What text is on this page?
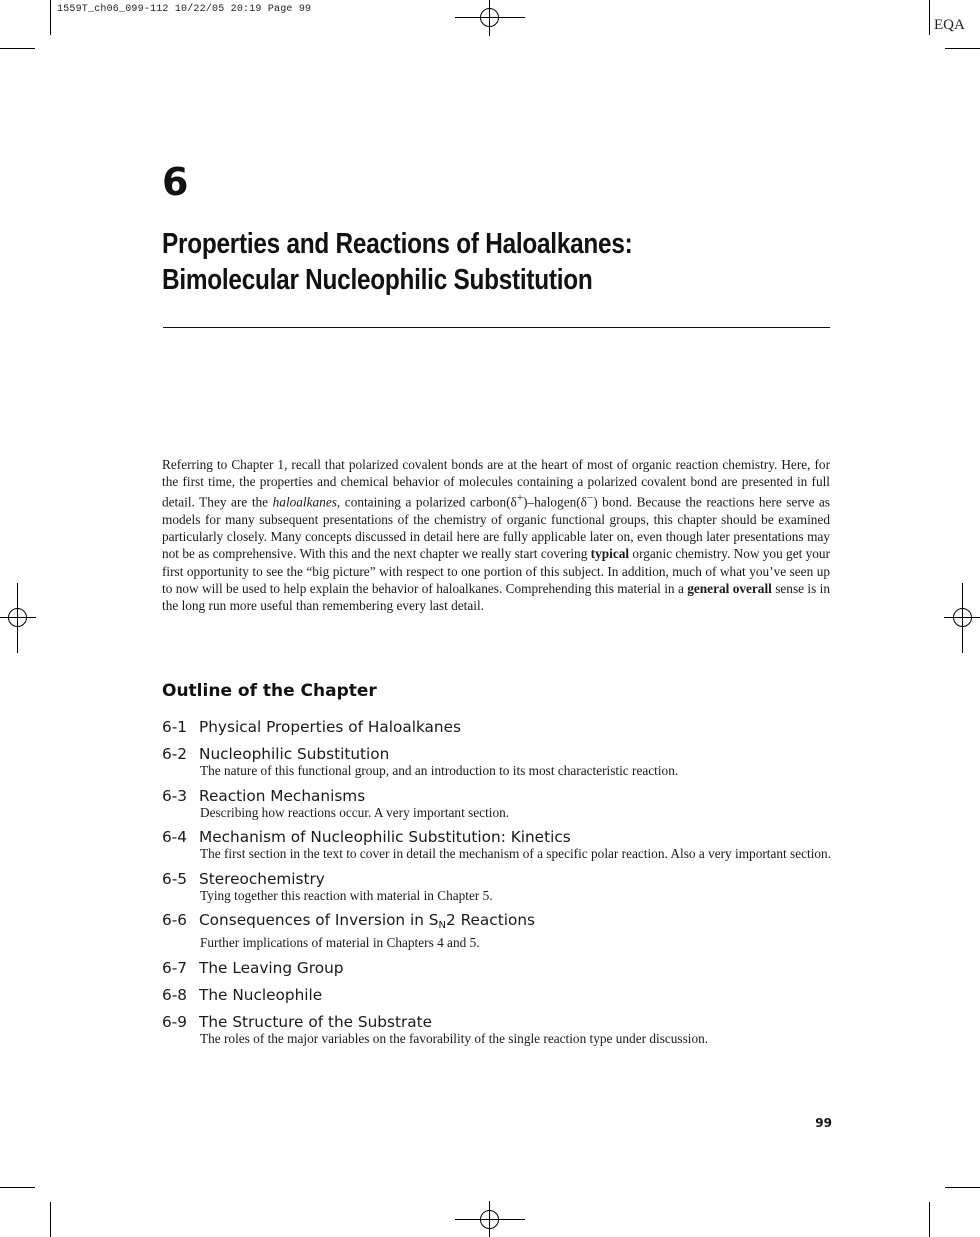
1559T_ch06_099-112 10/22/05 20:19 Page 99
EQA
6
Properties and Reactions of Haloalkanes:
Bimolecular Nucleophilic Substitution

Referring to Chapter 1, recall that polarized covalent bonds are at the heart of most of organic reaction chemistry. Here, for the first time, the properties and chemical behavior of molecules containing a polarized covalent bond are presented in full detail. They are the haloalkanes, containing a polarized carbon(δ+)–halogen(δ−) bond. Because the reactions here serve as models for many subsequent presentations of the chemistry of organic functional groups, this chapter should be examined particularly closely. Many concepts discussed in detail here are fully applicable later on, even though later presentations may not be as comprehensive. With this and the next chapter we really start covering typical organic chemistry. Now you get your first opportunity to see the “big picture” with respect to one portion of this subject. In addition, much of what you’ve seen up to now will be used to help explain the behavior of haloalkanes. Comprehending this material in a general overall sense is in the long run more useful than remembering every last detail.

Outline of the Chapter
6-1 Physical Properties of Haloalkanes
6-2 Nucleophilic Substitution
The nature of this functional group, and an introduction to its most characteristic reaction.
6-3 Reaction Mechanisms
Describing how reactions occur. A very important section.
6-4 Mechanism of Nucleophilic Substitution: Kinetics
The first section in the text to cover in detail the mechanism of a specific polar reaction. Also a very important section.
6-5 Stereochemistry
Tying together this reaction with material in Chapter 5.
6-6 Consequences of Inversion in $S_N2$ Reactions
Further implications of material in Chapters 4 and 5.
6-7 The Leaving Group
6-8 The Nucleophile
6-9 The Structure of the Substrate
The roles of the major variables on the favorability of the single reaction type under discussion.
99
